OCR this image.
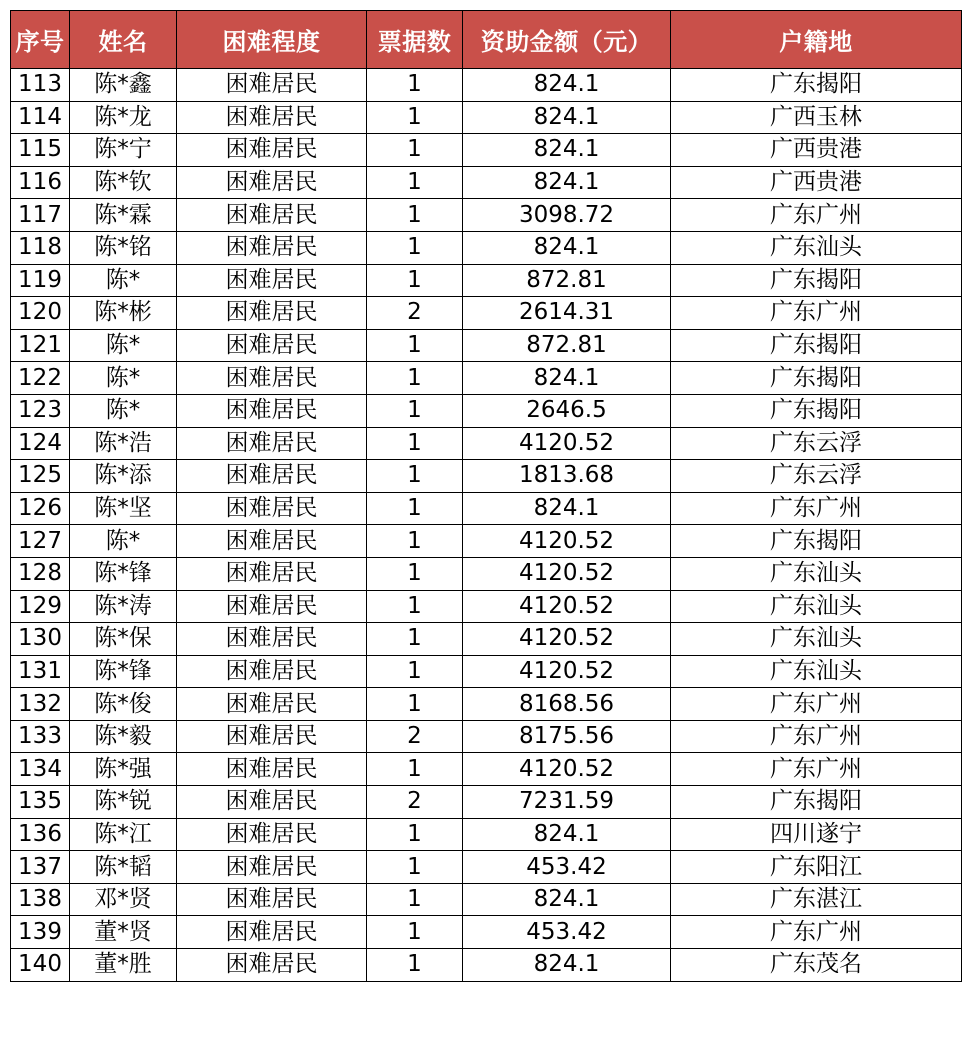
序号	姓名	困难程度	票据数	资助金额（元）	户籍地
113	陈*鑫	困难居民	1	824.1	广东揭阳
114	陈*龙	困难居民	1	824.1	广西玉林
115	陈*宁	困难居民	1	824.1	广西贵港
116	陈*钦	困难居民	1	824.1	广西贵港
117	陈*霖	困难居民	1	3098.72	广东广州
118	陈*铭	困难居民	1	824.1	广东汕头
119	陈*	困难居民	1	872.81	广东揭阳
120	陈*彬	困难居民	2	2614.31	广东广州
121	陈*	困难居民	1	872.81	广东揭阳
122	陈*	困难居民	1	824.1	广东揭阳
123	陈*	困难居民	1	2646.5	广东揭阳
124	陈*浩	困难居民	1	4120.52	广东云浮
125	陈*添	困难居民	1	1813.68	广东云浮
126	陈*坚	困难居民	1	824.1	广东广州
127	陈*	困难居民	1	4120.52	广东揭阳
128	陈*锋	困难居民	1	4120.52	广东汕头
129	陈*涛	困难居民	1	4120.52	广东汕头
130	陈*保	困难居民	1	4120.52	广东汕头
131	陈*锋	困难居民	1	4120.52	广东汕头
132	陈*俊	困难居民	1	8168.56	广东广州
133	陈*毅	困难居民	2	8175.56	广东广州
134	陈*强	困难居民	1	4120.52	广东广州
135	陈*锐	困难居民	2	7231.59	广东揭阳
136	陈*江	困难居民	1	824.1	四川遂宁
137	陈*韬	困难居民	1	453.42	广东阳江
138	邓*贤	困难居民	1	824.1	广东湛江
139	董*贤	困难居民	1	453.42	广东广州
140	董*胜	困难居民	1	824.1	广东茂名
